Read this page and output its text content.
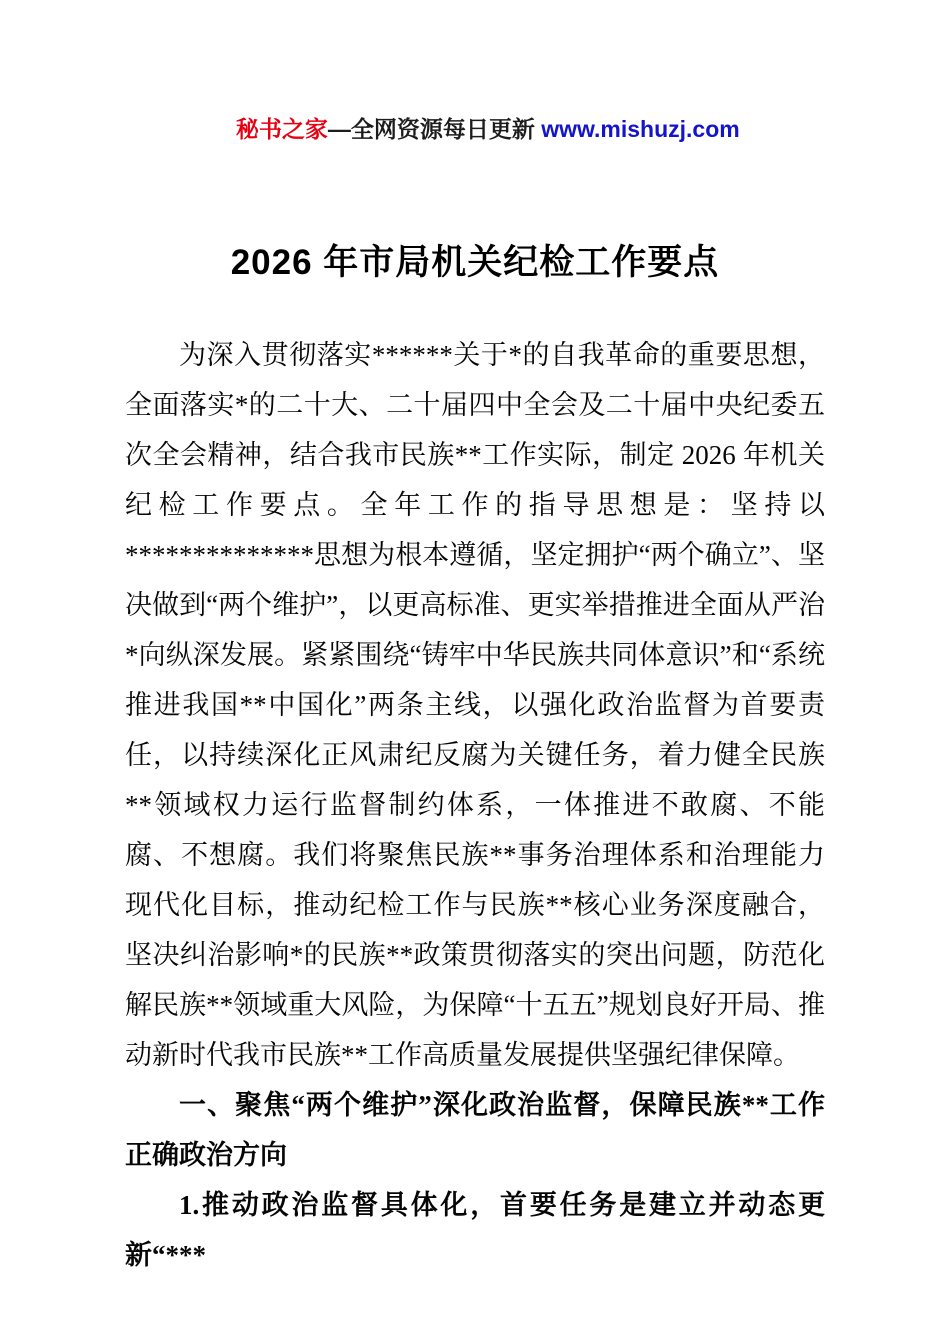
秘书之家—全网资源每日更新 www.mishuzj.com

2026 年市局机关纪检工作要点

为深入贯彻落实******关于*的自我革命的重要思想，全面落实*的二十大、二十届四中全会及二十届中央纪委五次全会精神，结合我市民族**工作实际，制定 2026 年机关纪检工作要点。全年工作的指导思想是：坚持以**************思想为根本遵循，坚定拥护“两个确立”、坚决做到“两个维护”，以更高标准、更实举措推进全面从严治*向纵深发展。紧紧围绕“铸牢中华民族共同体意识”和“系统推进我国**中国化”两条主线，以强化政治监督为首要责任，以持续深化正风肃纪反腐为关键任务，着力健全民族**领域权力运行监督制约体系，一体推进不敢腐、不能腐、不想腐。我们将聚焦民族**事务治理体系和治理能力现代化目标，推动纪检工作与民族**核心业务深度融合，坚决纠治影响*的民族**政策贯彻落实的突出问题，防范化解民族**领域重大风险，为保障“十五五”规划良好开局、推动新时代我市民族**工作高质量发展提供坚强纪律保障。

一、聚焦“两个维护”深化政治监督，保障民族**工作正确政治方向

1.推动政治监督具体化，首要任务是建立并动态更新“***
